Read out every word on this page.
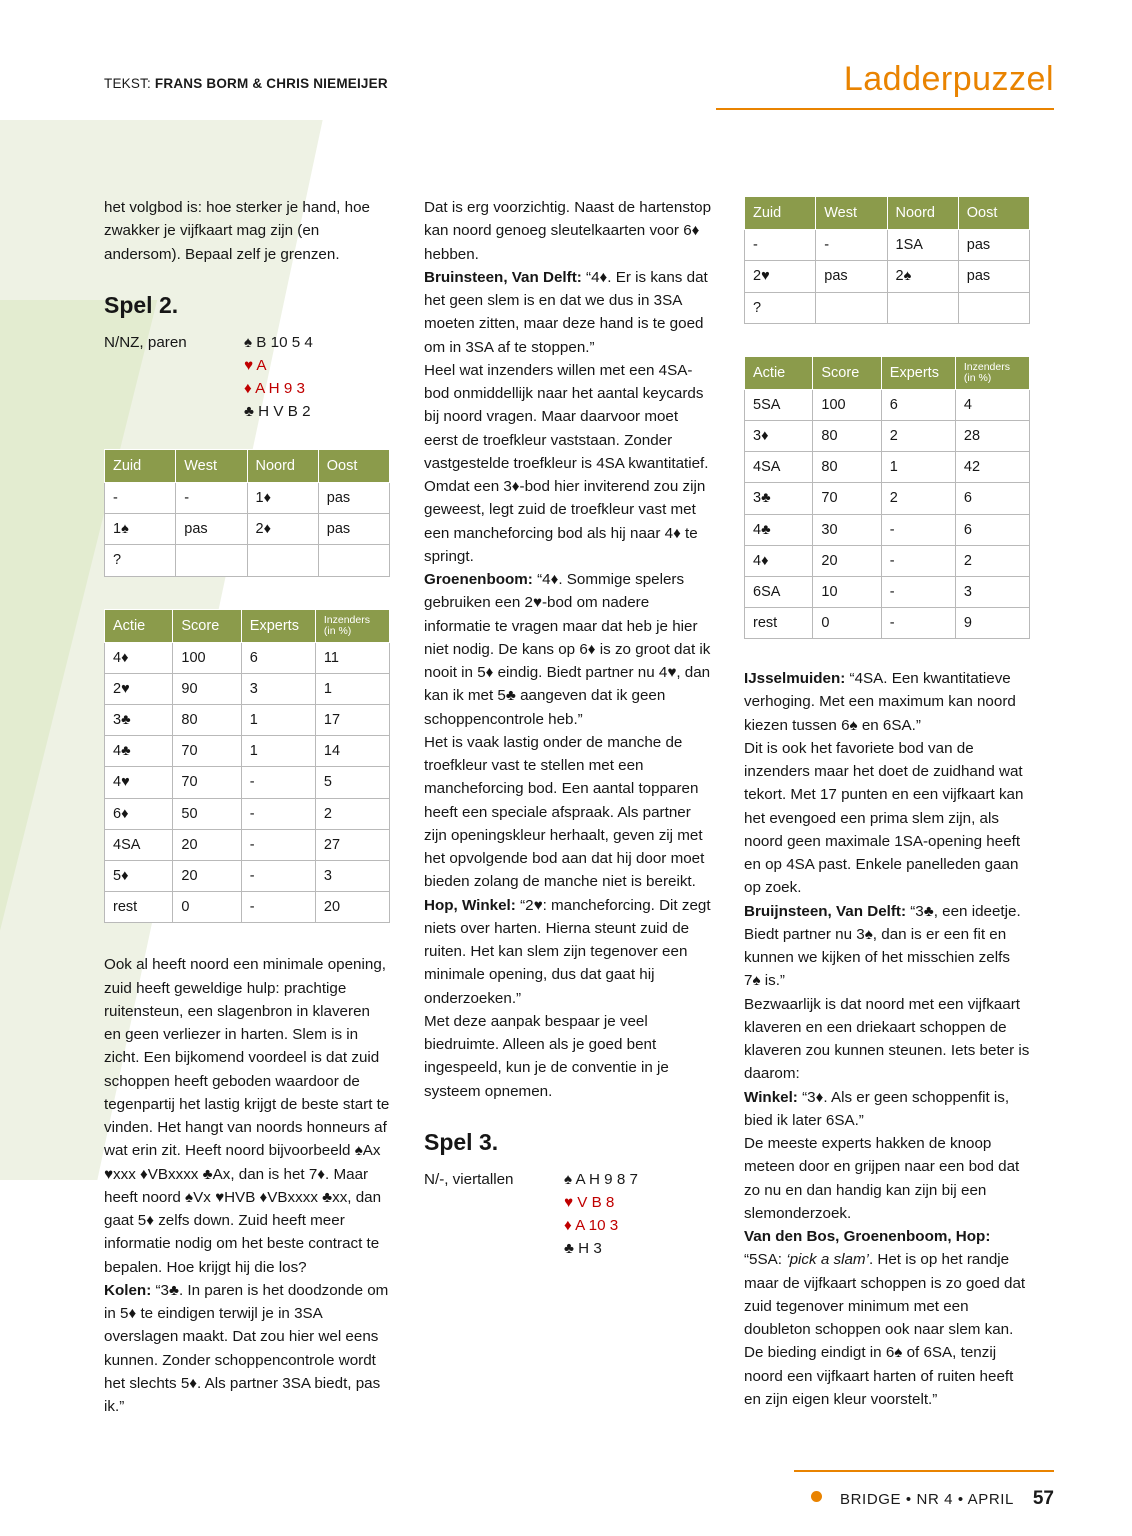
TEKST: FRANS BORM & CHRIS NIEMEIJER	Ladderpuzzel

het volgbod is: hoe sterker je hand, hoe zwakker je vijfkaart mag zijn (en andersom). Bepaal zelf je grenzen.

Spel 2.
N/NZ, paren	♠ B 10 5 4
♥ A
♦ A H 9 3
♣ H V B 2
Zuid	West	Noord	Oost
-	-	1♦	pas
1♠	pas	2♦	pas
?			
Actie	Score	Experts	Inzenders
(in %)

4♦	100	6	11
2♥	90	3	1
3♣	80	1	17
4♣	70	1	14
4♥	70	-	5
6♦	50	-	2
4SA	20	-	27
5♦	20	-	3
rest	0	-	20

Ook al heeft noord een minimale opening, zuid heeft geweldige hulp: prachtige ruitensteun, een slagenbron in klaveren en geen verliezer in harten. Slem is in zicht. Een bijkomend voordeel is dat zuid schoppen heeft geboden waardoor de tegenpartij het lastig krijgt de beste start te vinden. Het hangt van noords honneurs af wat erin zit. Heeft noord bijvoorbeeld ♠Ax ♥xxx ♦VBxxxx ♣Ax, dan is het 7♦. Maar heeft noord ♠Vx ♥HVB ♦VBxxxx ♣xx, dan gaat 5♦ zelfs down. Zuid heeft meer informatie nodig om het beste contract te bepalen. Hoe krijgt hij die los?

Kolen: “3♣. In paren is het doodzonde om in 5♦ te eindigen terwijl je in 3SA overslagen maakt. Dat zou hier wel eens kunnen. Zonder schoppencontrole wordt het slechts 5♦. Als partner 3SA biedt, pas ik.”

Dat is erg voorzichtig. Naast de hartenstop kan noord genoeg sleutelkaarten voor 6♦ hebben.

Bruinsteen, Van Delft: “4♦. Er is kans dat het geen slem is en dat we dus in 3SA moeten zitten, maar deze hand is te goed om in 3SA af te stoppen.”

Heel wat inzenders willen met een 4SA-bod onmiddellijk naar het aantal keycards bij noord vragen. Maar daarvoor moet eerst de troefkleur vaststaan. Zonder vastgestelde troefkleur is 4SA kwantitatief. Omdat een 3♦-bod hier inviterend zou zijn geweest, legt zuid de troefkleur vast met een mancheforcing bod als hij naar 4♦ te springt.

Groenenboom: “4♦. Sommige spelers gebruiken een 2♥-bod om nadere informatie te vragen maar dat heb je hier niet nodig. De kans op 6♦ is zo groot dat ik nooit in 5♦ eindig. Biedt partner nu 4♥, dan kan ik met 5♣ aangeven dat ik geen schoppencontrole heb.”

Het is vaak lastig onder de manche de troefkleur vast te stellen met een mancheforcing bod. Een aantal topparen heeft een speciale afspraak. Als partner zijn openingskleur herhaalt, geven zij met het opvolgende bod aan dat hij door moet bieden zolang de manche niet is bereikt.

Hop, Winkel: “2♥: mancheforcing. Dit zegt niets over harten. Hierna steunt zuid de ruiten. Het kan slem zijn tegenover een minimale opening, dus dat gaat hij onderzoeken.”

Met deze aanpak bespaar je veel biedruimte. Alleen als je goed bent ingespeeld, kun je de conventie in je systeem opnemen.

Spel 3.
N/-, viertallen	♠ A H 9 8 7
♥ V B 8
♦ A 10 3
♣ H 3
Zuid	West	Noord	Oost
-	-	1SA	pas
2♥	pas	2♠	pas
?			
Actie	Score	Experts	Inzenders
(in %)

5SA	100	6	4
3♦	80	2	28
4SA	80	1	42
3♣	70	2	6
4♣	30	-	6
4♦	20	-	2
6SA	10	-	3
rest	0	-	9

IJsselmuiden: “4SA. Een kwantitatieve verhoging. Met een maximum kan noord kiezen tussen 6♠ en 6SA.”

Dit is ook het favoriete bod van de inzenders maar het doet de zuidhand wat tekort. Met 17 punten en een vijfkaart kan het evengoed een prima slem zijn, als noord geen maximale 1SA-opening heeft en op 4SA past. Enkele panelleden gaan op zoek.

Bruijnsteen, Van Delft: “3♣, een ideetje. Biedt partner nu 3♠, dan is er een fit en kunnen we kijken of het misschien zelfs 7♠ is.”

Bezwaarlijk is dat noord met een vijfkaart klaveren en een driekaart schoppen de klaveren zou kunnen steunen. Iets beter is daarom:

Winkel: “3♦. Als er geen schoppenfit is, bied ik later 6SA.”

De meeste experts hakken de knoop meteen door en grijpen naar een bod dat zo nu en dan handig kan zijn bij een slemonderzoek.

Van den Bos, Groenenboom, Hop:
“5SA: ‘pick a slam’. Het is op het randje maar de vijfkaart schoppen is zo goed dat zuid tegenover minimum met een doubleton schoppen ook naar slem kan. De bieding eindigt in 6♠ of 6SA, tenzij noord een vijfkaart harten of ruiten heeft en zijn eigen kleur voorstelt.”

BRIDGE • NR 4 • APRIL 57
